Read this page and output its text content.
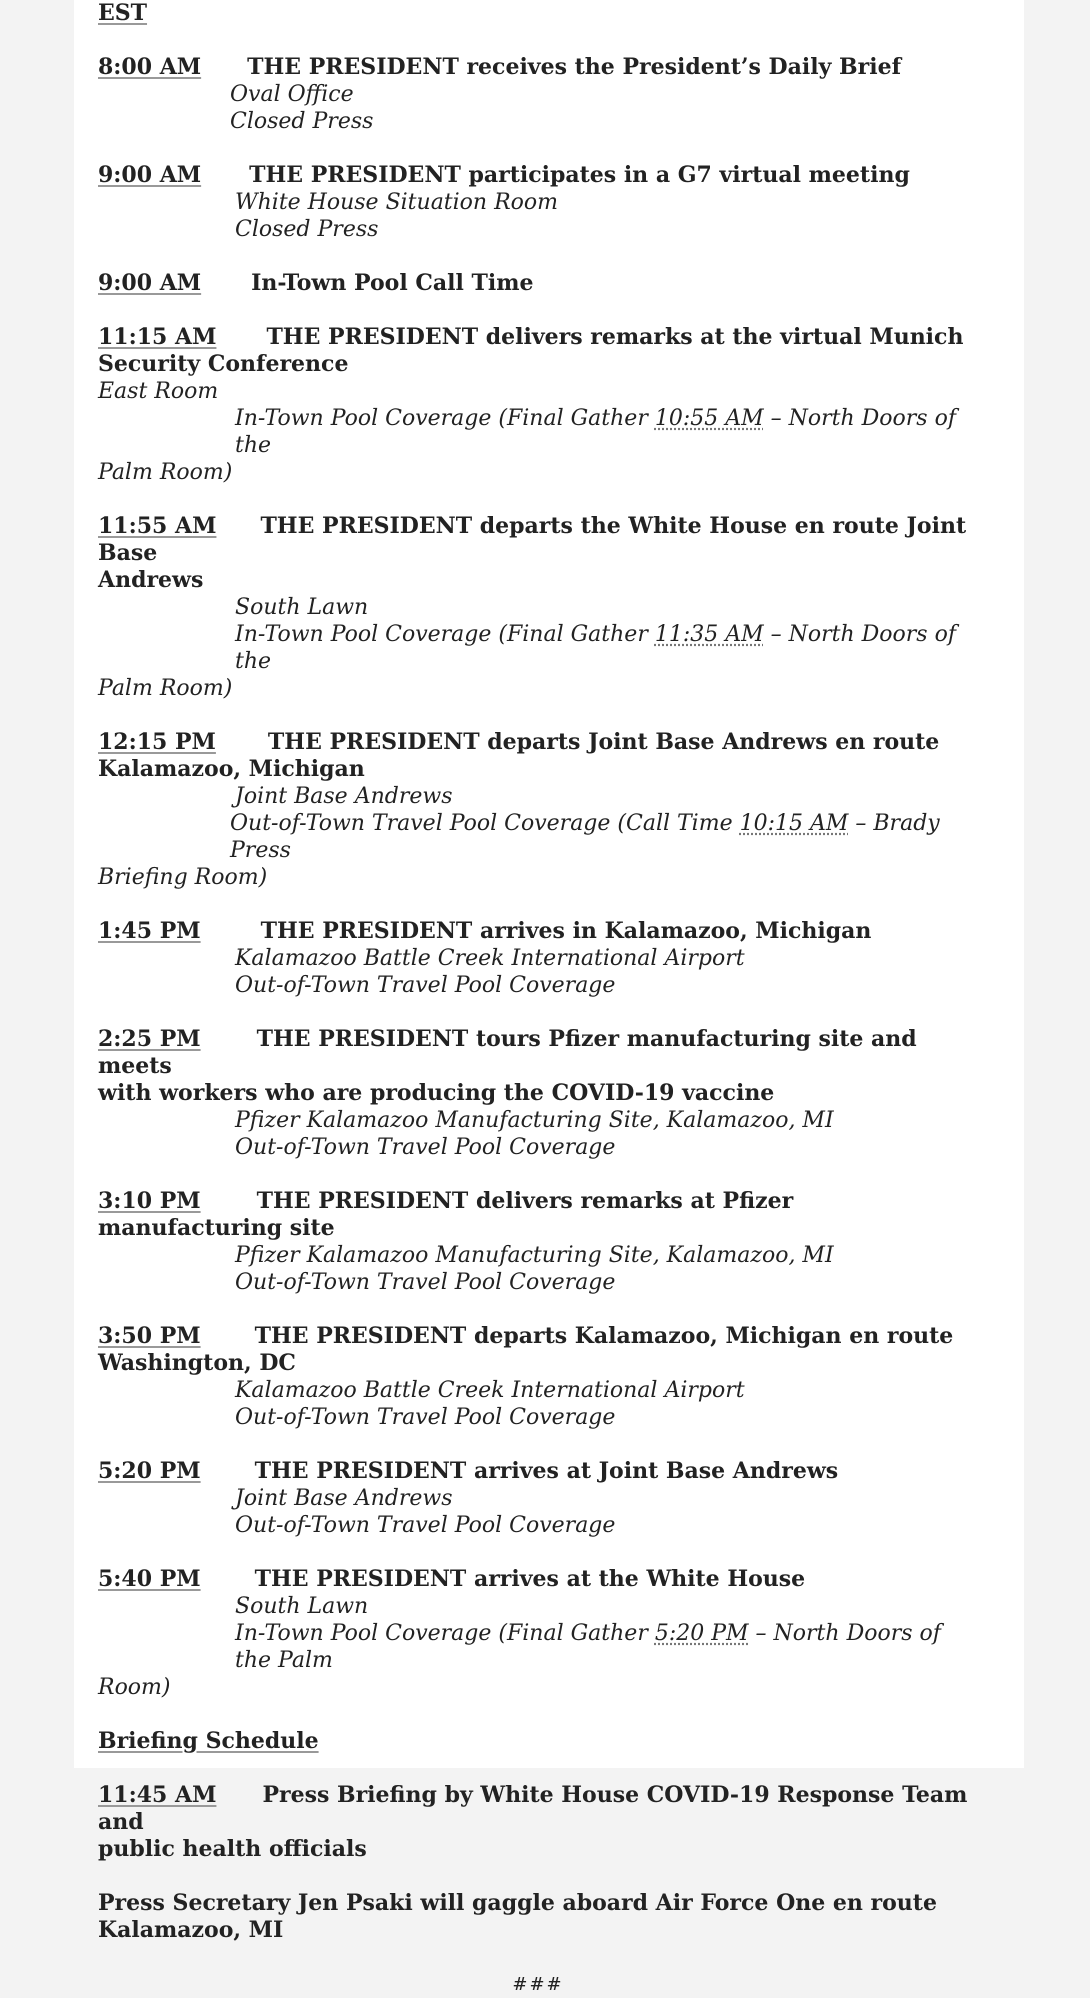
EST
8:00 AM THE PRESIDENT receives the President’s Daily Brief
Oval Office
Closed Press
9:00 AM THE PRESIDENT participates in a G7 virtual meeting
White House Situation Room
Closed Press
9:00 AM In-Town Pool Call Time
11:15 AM THE PRESIDENT delivers remarks at the virtual Munich
Security Conference
East Room
In-Town Pool Coverage (Final Gather 10:55 AM – North Doors of the
Palm Room)
11:55 AM THE PRESIDENT departs the White House en route Joint Base
Andrews
South Lawn
In-Town Pool Coverage (Final Gather 11:35 AM – North Doors of the
Palm Room)
12:15 PM THE PRESIDENT departs Joint Base Andrews en route
Kalamazoo, Michigan
Joint Base Andrews
Out-of-Town Travel Pool Coverage (Call Time 10:15 AM – Brady Press
Briefing Room)
1:45 PM	THE PRESIDENT arrives in Kalamazoo, Michigan
Kalamazoo Battle Creek International Airport
Out-of-Town Travel Pool Coverage
2:25 PM	THE PRESIDENT tours Pfizer manufacturing site and meets
with workers who are producing the COVID-19 vaccine
Pfizer Kalamazoo Manufacturing Site, Kalamazoo, MI
Out-of-Town Travel Pool Coverage
3:10 PM	THE PRESIDENT delivers remarks at Pfizer manufacturing site
Pfizer Kalamazoo Manufacturing Site, Kalamazoo, MI
Out-of-Town Travel Pool Coverage
3:50 PM THE PRESIDENT departs Kalamazoo, Michigan en route
Washington, DC
Kalamazoo Battle Creek International Airport
Out-of-Town Travel Pool Coverage
5:20 PM THE PRESIDENT arrives at Joint Base Andrews
Joint Base Andrews
Out-of-Town Travel Pool Coverage
5:40 PM THE PRESIDENT arrives at the White House
South Lawn
In-Town Pool Coverage (Final Gather 5:20 PM – North Doors of the Palm
Room)
Briefing Schedule
11:45 AM Press Briefing by White House COVID-19 Response Team and
public health officials
Press Secretary Jen Psaki will gaggle aboard Air Force One en route
Kalamazoo, MI
###
